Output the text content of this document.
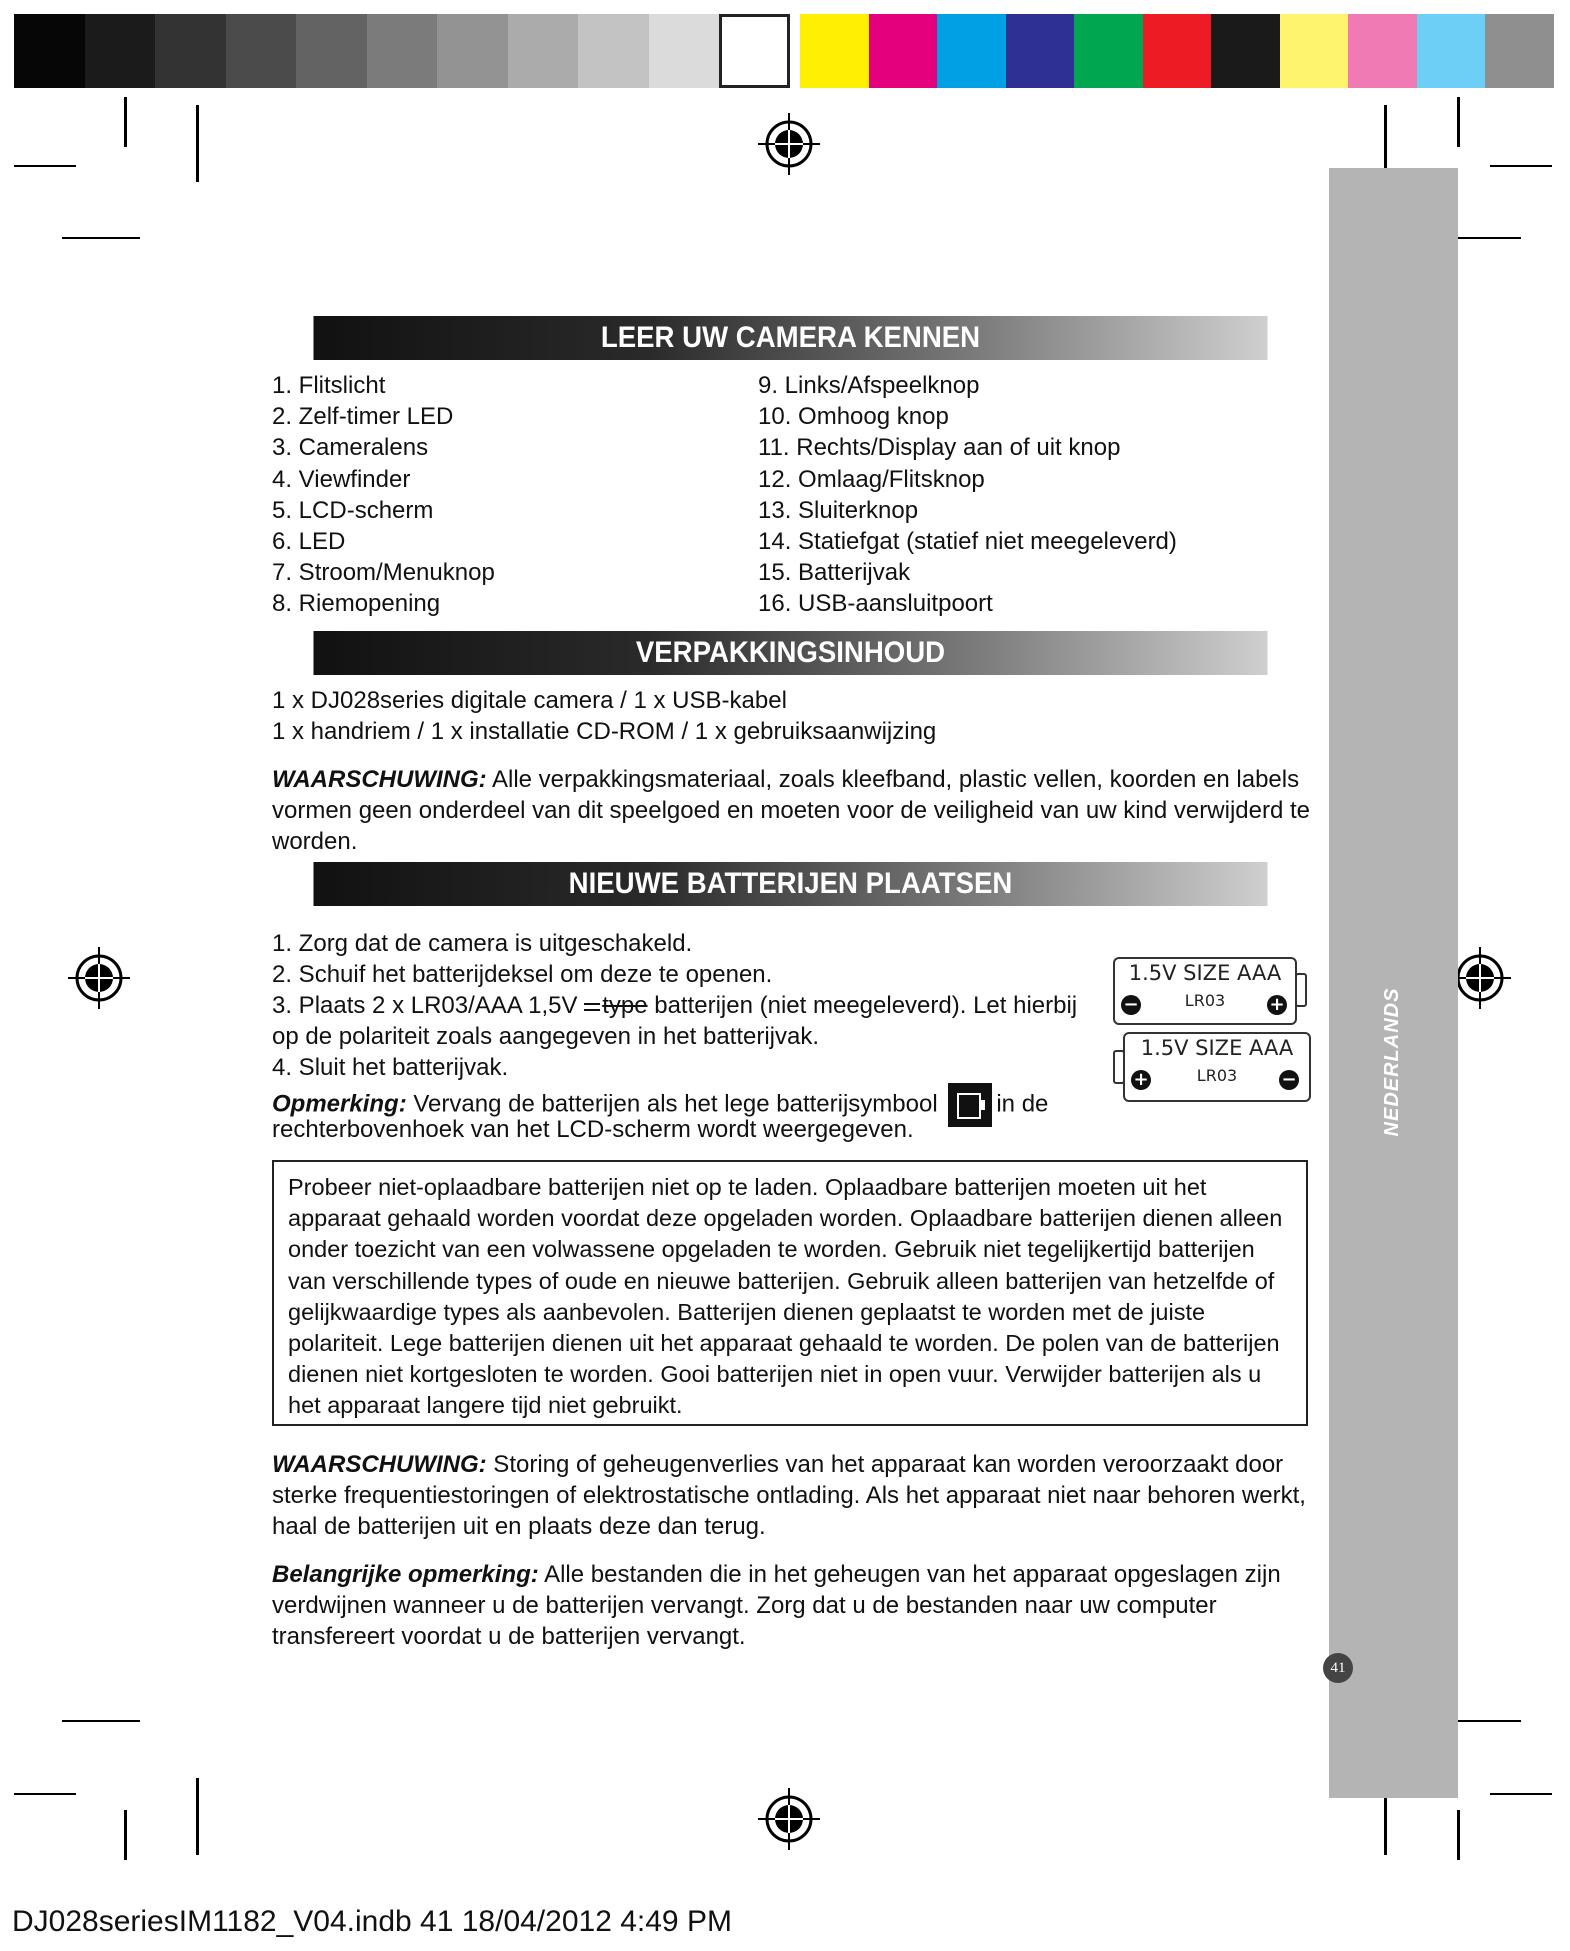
NEDERLANDS
41
LEER UW CAMERA KENNEN
1. Flitslicht
2. Zelf-timer LED
3. Cameralens
4. Viewfinder
5. LCD-scherm
6. LED
7. Stroom/Menuknop
8. Riemopening
9. Links/Afspeelknop
10. Omhoog knop
11. Rechts/Display aan of uit knop
12. Omlaag/Flitsknop
13. Sluiterknop
14. Statiefgat (statief niet meegeleverd)
15. Batterijvak
16. USB-aansluitpoort
VERPAKKINGSINHOUD
1 x DJ028series digitale camera / 1 x USB-kabel
1 x handriem / 1 x installatie CD-ROM / 1 x gebruiksaanwijzing
WAARSCHUWING: Alle verpakkingsmateriaal, zoals kleefband, plastic vellen, koorden en labels vormen geen onderdeel van dit speelgoed en moeten voor de veiligheid van uw kind verwijderd te worden.
NIEUWE BATTERIJEN PLAATSEN
1. Zorg dat de camera is uitgeschakeld.
2. Schuif het batterijdeksel om deze te openen.
3. Plaats 2 x LR03/AAA 1,5V type batterijen (niet meegeleverd). Let hierbij
op de polariteit zoals aangegeven in het batterijvak.
4. Sluit het batterijvak.
Opmerking: Vervang de batterijen als het lege batterijsymbool
in de
rechterbovenhoek van het LCD-scherm wordt weergegeven.
1.5V SIZE AAA
LR03
−	+
1.5V SIZE AAA
LR03
+	−
Probeer niet-oplaadbare batterijen niet op te laden. Oplaadbare batterijen moeten uit het apparaat gehaald worden voordat deze opgeladen worden. Oplaadbare batterijen dienen alleen onder toezicht van een volwassene opgeladen te worden. Gebruik niet tegelijkertijd batterijen van verschillende types of oude en nieuwe batterijen. Gebruik alleen batterijen van hetzelfde of gelijkwaardige types als aanbevolen. Batterijen dienen geplaatst te worden met de juiste polariteit. Lege batterijen dienen uit het apparaat gehaald te worden. De polen van de batterijen dienen niet kortgesloten te worden. Gooi batterijen niet in open vuur. Verwijder batterijen als u het apparaat langere tijd niet gebruikt.
WAARSCHUWING: Storing of geheugenverlies van het apparaat kan worden veroorzaakt door sterke frequentiestoringen of elektrostatische ontlading. Als het apparaat niet naar behoren werkt, haal de batterijen uit en plaats deze dan terug.
Belangrijke opmerking: Alle bestanden die in het geheugen van het apparaat opgeslagen zijn verdwijnen wanneer u de batterijen vervangt. Zorg dat u de bestanden naar uw computer transfereert voordat u de batterijen vervangt.
DJ028seriesIM1182_V04.indb 41 18/04/2012 4:49 PM
